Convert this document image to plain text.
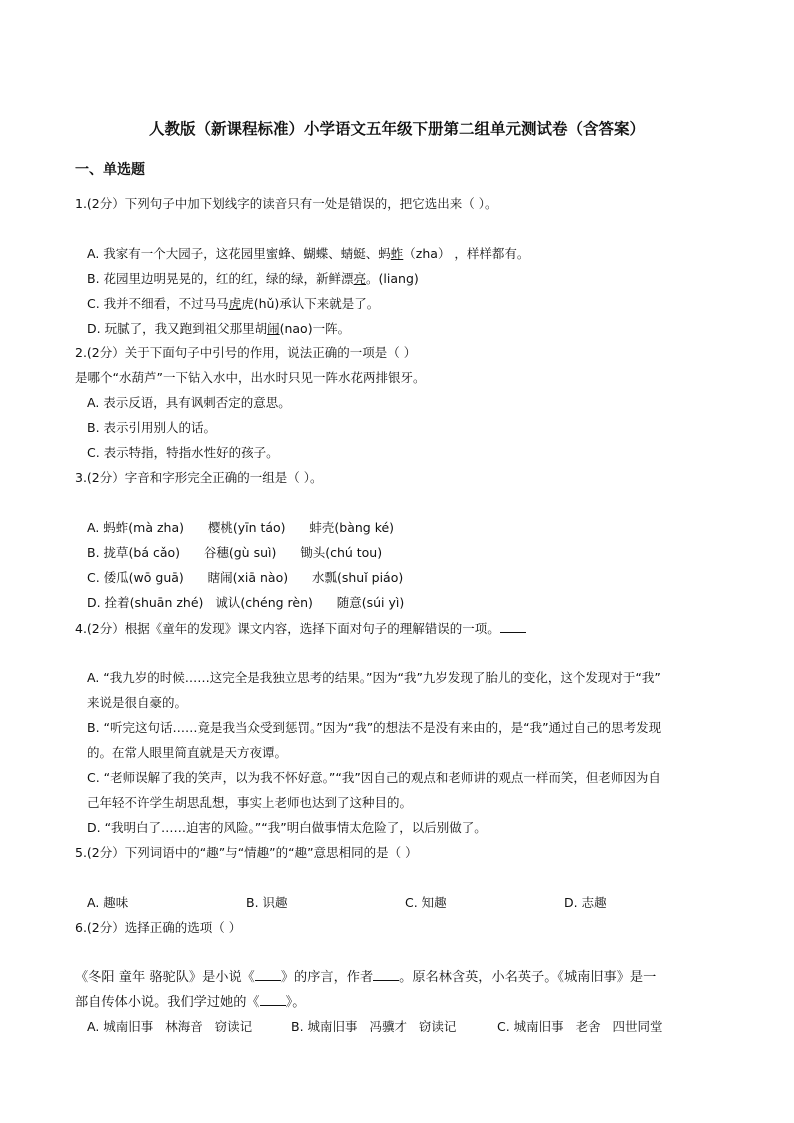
人教版（新课程标准）小学语文五年级下册第二组单元测试卷（含答案）
一、单选题
1.(2分）下列句子中加下划线字的读音只有一处是错误的，把它选出来（ ）。
A. 我家有一个大园子，这花园里蜜蜂、蝴蝶、蜻蜓、蚂蚱（zha） ，样样都有。
B. 花园里边明晃晃的，红的红，绿的绿，新鲜漂亮。(liang)
C. 我并不细看，不过马马虎虎(hǔ)承认下来就是了。
D. 玩腻了，我又跑到祖父那里胡闹(nao)一阵。
2.(2分）关于下面句子中引号的作用，说法正确的一项是（ ）
是哪个“水葫芦”一下钻入水中，出水时只见一阵水花两排银牙。
A. 表示反语，具有讽刺否定的意思。
B. 表示引用别人的话。
C. 表示特指，特指水性好的孩子。
3.(2分）字音和字形完全正确的一组是（ ）。
A. 蚂蚱(mà zha)      樱桃(yīn táo)      蚌壳(bàng ké)
B. 拢草(bá cǎo)      谷穗(gù suì)      锄头(chú tou)
C. 倭瓜(wō guā)      瞎闹(xiā nào)      水瓢(shuǐ piáo)
D. 拴着(shuān zhé)   诚认(chéng rèn)      随意(súi yì)
4.(2分）根据《童年的发现》课文内容，选择下面对句子的理解错误的一项。
A. “我九岁的时候……这完全是我独立思考的结果。”因为“我”九岁发现了胎儿的变化，这个发现对于“我”
来说是很自豪的。
B. “听完这句话……竟是我当众受到惩罚。”因为“我”的想法不是没有来由的，是“我”通过自己的思考发现
的。在常人眼里简直就是天方夜谭。
C. “老师误解了我的笑声，以为我不怀好意。”“我”因自己的观点和老师讲的观点一样而笑，但老师因为自
己年轻不许学生胡思乱想，事实上老师也达到了这种目的。
D. “我明白了……迫害的风险。”“我”明白做事情太危险了，以后别做了。
5.(2分）下列词语中的“趣”与“情趣”的“趣”意思相同的是（ ）
A. 趣味	B. 识趣	C. 知趣	D. 志趣
6.(2分）选择正确的选项（ ）
《冬阳 童年 骆驼队》是小说《 》的序言，作者 。原名林含英，小名英子。《城南旧事》是一
部自传体小说。我们学过她的《 》。
A. 城南旧事   林海音   窃读记	B. 城南旧事   冯骥才   窃读记	C. 城南旧事   老舍   四世同堂
